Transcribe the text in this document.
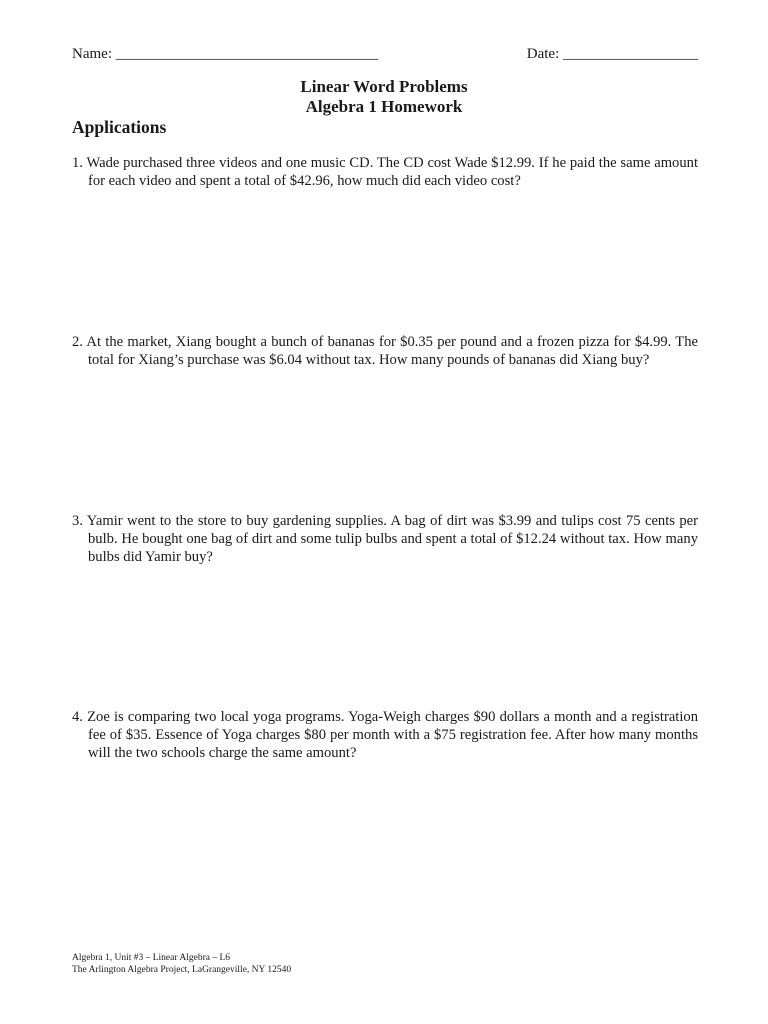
Name: ___________________________________	Date: __________________
Linear Word Problems
Algebra 1 Homework
Applications
1. Wade purchased three videos and one music CD. The CD cost Wade $12.99. If he paid the same amount for each video and spent a total of $42.96, how much did each video cost?
2. At the market, Xiang bought a bunch of bananas for $0.35 per pound and a frozen pizza for $4.99. The total for Xiang’s purchase was $6.04 without tax. How many pounds of bananas did Xiang buy?
3. Yamir went to the store to buy gardening supplies. A bag of dirt was $3.99 and tulips cost 75 cents per bulb. He bought one bag of dirt and some tulip bulbs and spent a total of $12.24 without tax. How many bulbs did Yamir buy?
4. Zoe is comparing two local yoga programs. Yoga-Weigh charges $90 dollars a month and a registration fee of $35. Essence of Yoga charges $80 per month with a $75 registration fee. After how many months will the two schools charge the same amount?
Algebra 1, Unit #3 – Linear Algebra – L6
The Arlington Algebra Project, LaGrangeville, NY 12540
